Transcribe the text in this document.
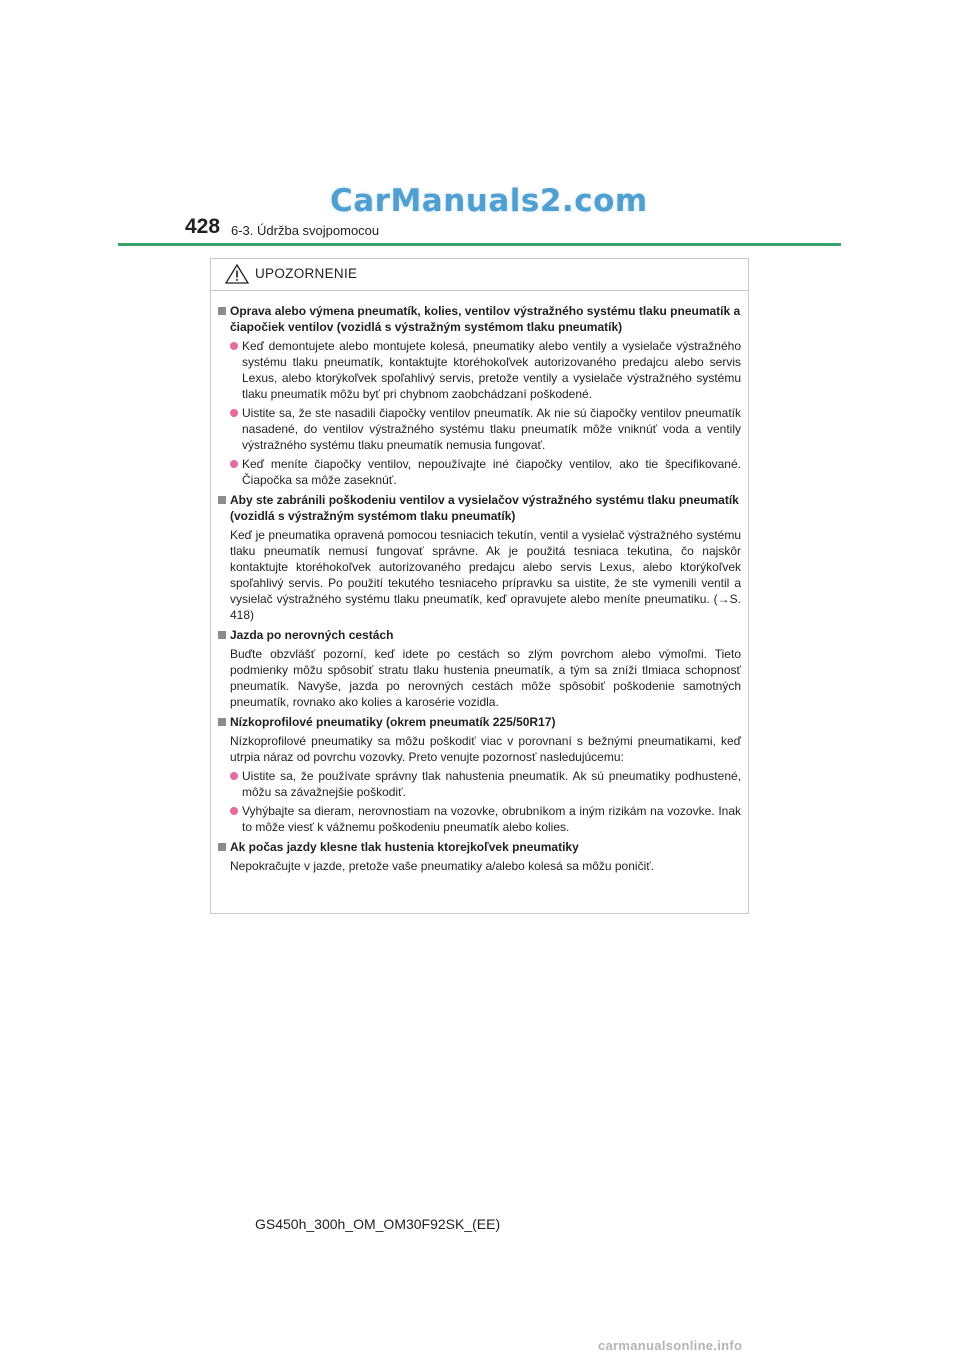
CarManuals2.com
428 6-3. Údržba svojpomocou
UPOZORNENIE
Oprava alebo výmena pneumatík, kolies, ventilov výstražného systému tlaku pneumatík a čiapočiek ventilov (vozidlá s výstražným systémom tlaku pneumatík)
Keď demontujete alebo montujete kolesá, pneumatiky alebo ventily a vysielače výstražného systému tlaku pneumatík, kontaktujte ktoréhokoľvek autorizovaného predajcu alebo servis Lexus, alebo ktorýkoľvek spoľahlivý servis, pretože ventily a vysielače výstražného systému tlaku pneumatík môžu byť pri chybnom zaobchádzaní poškodené.
Uistite sa, že ste nasadili čiapočky ventilov pneumatík. Ak nie sú čiapočky ventilov pneumatík nasadené, do ventilov výstražného systému tlaku pneumatík môže vniknúť voda a ventily výstražného systému tlaku pneumatík nemusia fungovať.
Keď meníte čiapočky ventilov, nepoužívajte iné čiapočky ventilov, ako tie špecifikované. Čiapočka sa môže zaseknúť.
Aby ste zabránili poškodeniu ventilov a vysielačov výstražného systému tlaku pneumatík (vozidlá s výstražným systémom tlaku pneumatík)
Keď je pneumatika opravená pomocou tesniacich tekutín, ventil a vysielač výstražného systému tlaku pneumatík nemusí fungovať správne. Ak je použitá tesniaca tekutina, čo najskôr kontaktujte ktoréhokoľvek autorizovaného predajcu alebo servis Lexus, alebo ktorýkoľvek spoľahlivý servis. Po použití tekutého tesniaceho prípravku sa uistite, že ste vymenili ventil a vysielač výstražného systému tlaku pneumatík, keď opravujete alebo meníte pneumatiku. (→S. 418)
Jazda po nerovných cestách
Buďte obzvlášť pozorní, keď idete po cestách so zlým povrchom alebo výmoľmi. Tieto podmienky môžu spôsobiť stratu tlaku hustenia pneumatík, a tým sa zníži tlmiaca schopnosť pneumatík. Navyše, jazda po nerovných cestách môže spôsobiť poškodenie samotných pneumatík, rovnako ako kolies a karosérie vozidla.
Nízkoprofilové pneumatiky (okrem pneumatík 225/50R17)
Nízkoprofilové pneumatiky sa môžu poškodiť viac v porovnaní s bežnými pneumatikami, keď utrpia náraz od povrchu vozovky. Preto venujte pozornosť nasledujúcemu:
Uistite sa, že používate správny tlak nahustenia pneumatík. Ak sú pneumatiky podhustené, môžu sa závažnejšie poškodiť.
Vyhýbajte sa dieram, nerovnostiam na vozovke, obrubníkom a iným rizikám na vozovke. Inak to môže viesť k vážnemu poškodeniu pneumatík alebo kolies.
Ak počas jazdy klesne tlak hustenia ktorejkoľvek pneumatiky
Nepokračujte v jazde, pretože vaše pneumatiky a/alebo kolesá sa môžu poničiť.
GS450h_300h_OM_OM30F92SK_(EE)
carmanualsonline.info
